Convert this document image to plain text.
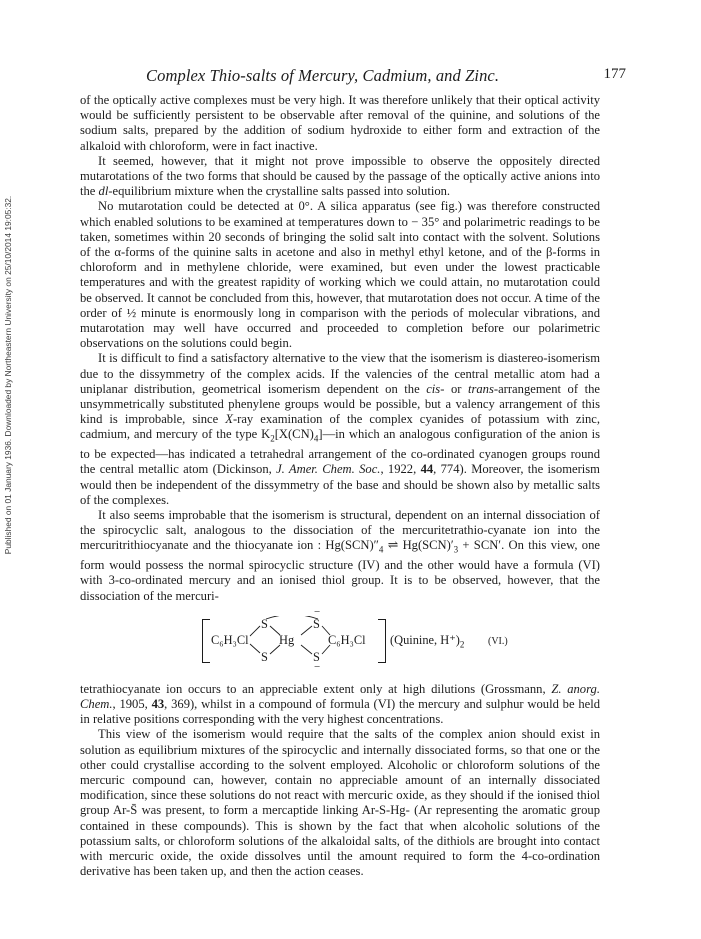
Published on 01 January 1936. Downloaded by Northeastern University on 25/10/2014 19:05:32.
Complex Thio-salts of Mercury, Cadmium, and Zinc.	177

of the optically active complexes must be very high. It was therefore unlikely that their optical activity would be sufficiently persistent to be observable after removal of the quinine, and solutions of the sodium salts, prepared by the addition of sodium hydroxide to either form and extraction of the alkaloid with chloroform, were in fact inactive.

It seemed, however, that it might not prove impossible to observe the oppositely directed mutarotations of the two forms that should be caused by the passage of the optically active anions into the dl-equilibrium mixture when the crystalline salts passed into solution.

No mutarotation could be detected at 0°. A silica apparatus (see fig.) was therefore constructed which enabled solutions to be examined at temperatures down to − 35° and polarimetric readings to be taken, sometimes within 20 seconds of bringing the solid salt into contact with the solvent. Solutions of the α-forms of the quinine salts in acetone and also in methyl ethyl ketone, and of the β-forms in chloroform and in methylene chloride, were examined, but even under the lowest practicable temperatures and with the greatest rapidity of working which we could attain, no mutarotation could be observed. It cannot be concluded from this, however, that mutarotation does not occur. A time of the order of ½ minute is enormously long in comparison with the periods of molecular vibrations, and mutarotation may well have occurred and proceeded to completion before our polarimetric observations on the solutions could begin.

It is difficult to find a satisfactory alternative to the view that the isomerism is diastereo-isomerism due to the dissymmetry of the complex acids. If the valencies of the central metallic atom had a uniplanar distribution, geometrical isomerism dependent on the cis- or trans-arrangement of the unsymmetrically substituted phenylene groups would be possible, but a valency arrangement of this kind is improbable, since X-ray examination of the complex cyanides of potassium with zinc, cadmium, and mercury of the type $K_2[X(CN)_4]—in$ which an analogous configuration of the anion is to be expected—has indicated a tetrahedral arrangement of the co-ordinated cyanogen groups round the central metallic atom (Dickinson, J. Amer. Chem. Soc., 1922, 44, 774). Moreover, the isomerism would then be independent of the dissymmetry of the base and should be shown also by metallic salts of the complexes.

It also seems improbable that the isomerism is structural, dependent on an internal dissociation of the spirocyclic salt, analogous to the dissociation of the mercuritetrathio-cyanate ion into the mercuritrithiocyanate and the thiocyanate ion : $Hg(SCN)''_4$ ⇌ $Hg(SCN)'_3 + SCN'$. On this view, one form would possess the normal spirocyclic structure (IV) and the other would have a formula (VI) with 3-co-ordinated mercury and an ionised thiol group. It is to be observed, however, that the dissociation of the mercuri-

C₆H₃Cl
S
S
Hg
S
S
C₆H₃Cl
−
−
(Quinine, $H^+)_2$ (VI.)

tetrathiocyanate ion occurs to an appreciable extent only at high dilutions (Grossmann, Z. anorg. Chem., 1905, 43, 369), whilst in a compound of formula (VI) the mercury and sulphur would be held in relative positions corresponding with the very highest concentrations.

This view of the isomerism would require that the salts of the complex anion should exist in solution as equilibrium mixtures of the spirocyclic and internally dissociated forms, so that one or the other could crystallise according to the solvent employed. Alcoholic or chloroform solutions of the mercuric compound can, however, contain no appreciable amount of an internally dissociated modification, since these solutions do not react with mercuric oxide, as they should if the ionised thiol group Ar-S̄ was present, to form a mercaptide linking Ar-S-Hg- (Ar representing the aromatic group contained in these compounds). This is shown by the fact that when alcoholic solutions of the potassium salts, or chloroform solutions of the alkaloidal salts, of the dithiols are brought into contact with mercuric oxide, the oxide dissolves until the amount required to form the 4-co-ordination derivative has been taken up, and then the action ceases.
